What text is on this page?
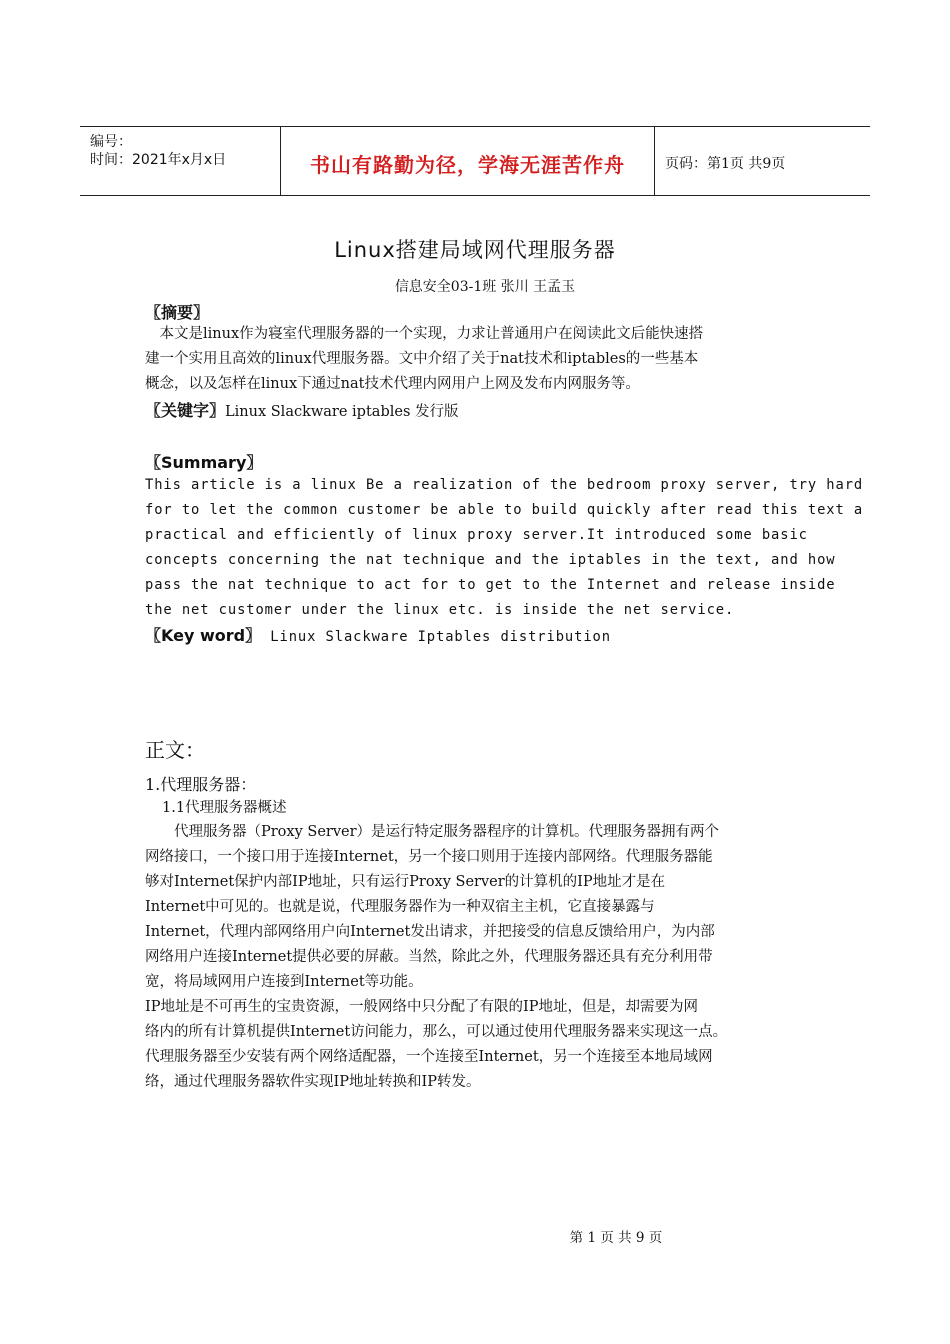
编号：
时间：2021年x月x日	书山有路勤为径，学海无涯苦作舟	页码：第1页 共9页
Linux搭建局域网代理服务器
信息安全03-1班 张川 王孟玉
〖摘要〗
　本文是linux作为寝室代理服务器的一个实现，力求让普通用户在阅读此文后能快速搭
建一个实用且高效的linux代理服务器。文中介绍了关于nat技术和iptables的一些基本
概念，以及怎样在linux下通过nat技术代理内网用户上网及发布内网服务等。
〖关键字〗Linux Slackware iptables 发行版
〖Summary〗
This article is a linux Be a realization of the bedroom proxy server, try hard
for to let the common customer be able to build quickly after read this text a
practical and efficiently of linux proxy server.It introduced some basic
concepts concerning the nat technique and the iptables in the text, and how
pass the nat technique to act for to get to the Internet and release inside
the net customer under the linux etc. is inside the net service.
〖Key word〗 Linux Slackware Iptables distribution
正文：
1.代理服务器：
1.1代理服务器概述
　　代理服务器（Proxy Server）是运行特定服务器程序的计算机。代理服务器拥有两个
网络接口，一个接口用于连接Internet，另一个接口则用于连接内部网络。代理服务器能
够对Internet保护内部IP地址，只有运行Proxy Server的计算机的IP地址才是在
Internet中可见的。也就是说，代理服务器作为一种双宿主主机，它直接暴露与
Internet，代理内部网络用户向Internet发出请求，并把接受的信息反馈给用户，为内部
网络用户连接Internet提供必要的屏蔽。当然，除此之外，代理服务器还具有充分利用带
宽，将局域网用户连接到Internet等功能。
IP地址是不可再生的宝贵资源，一般网络中只分配了有限的IP地址，但是，却需要为网
络内的所有计算机提供Internet访问能力，那么，可以通过使用代理服务器来实现这一点。
代理服务器至少安装有两个网络适配器，一个连接至Internet，另一个连接至本地局域网
络，通过代理服务器软件实现IP地址转换和IP转发。
第 1 页 共 9 页
